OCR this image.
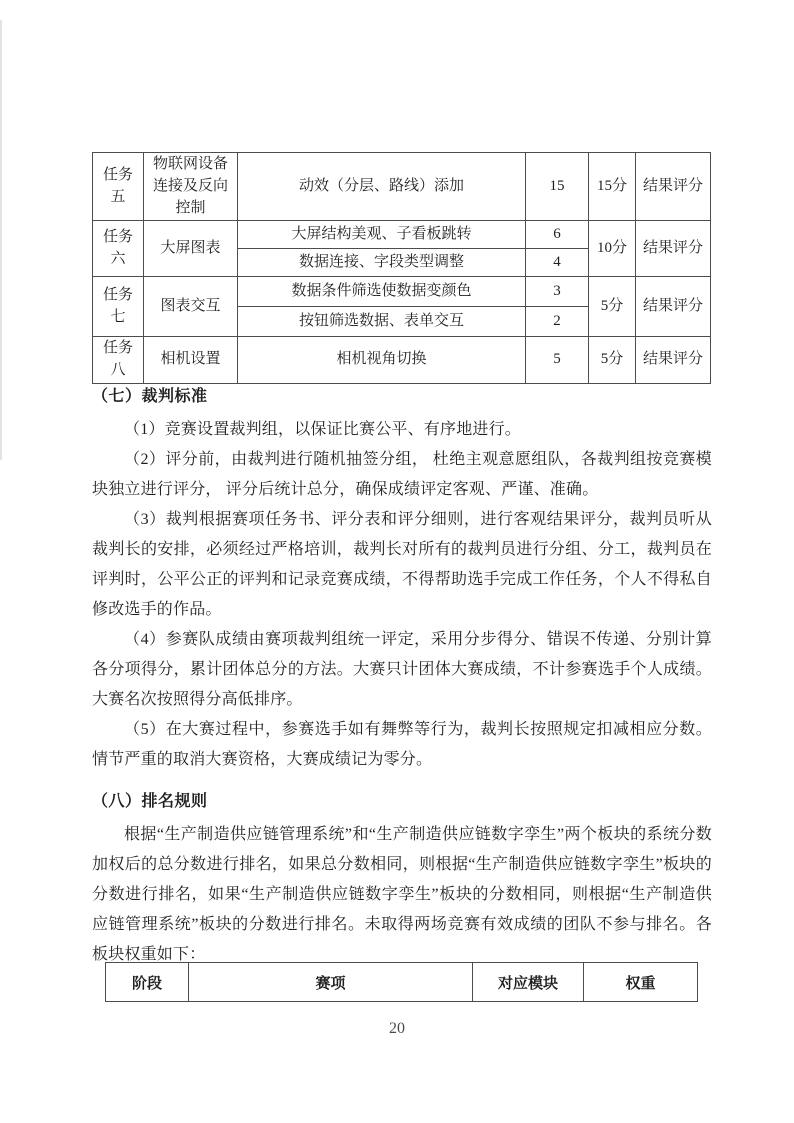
任务五	物联网设备连接及反向控制	动效（分层、路线）添加	15	15分	结果评分
任务六	大屏图表	大屏结构美观、子看板跳转	6	10分	结果评分
		数据连接、字段类型调整	4		
任务七	图表交互	数据条件筛选使数据变颜色	3	5分	结果评分
		按钮筛选数据、表单交互	2		
任务八	相机设置	相机视角切换	5	5分	结果评分

（七）裁判标准

（1）竞赛设置裁判组，以保证比赛公平、有序地进行。

（2）评分前，由裁判进行随机抽签分组， 杜绝主观意愿组队，各裁判组按竞赛模块独立进行评分， 评分后统计总分，确保成绩评定客观、严谨、准确。

（3）裁判根据赛项任务书、评分表和评分细则，进行客观结果评分，裁判员听从裁判长的安排，必须经过严格培训，裁判长对所有的裁判员进行分组、分工，裁判员在评判时，公平公正的评判和记录竞赛成绩，不得帮助选手完成工作任务，个人不得私自修改选手的作品。

（4）参赛队成绩由赛项裁判组统一评定，采用分步得分、错误不传递、分别计算各分项得分，累计团体总分的方法。大赛只计团体大赛成绩，不计参赛选手个人成绩。大赛名次按照得分高低排序。

（5）在大赛过程中，参赛选手如有舞弊等行为，裁判长按照规定扣减相应分数。情节严重的取消大赛资格，大赛成绩记为零分。

（八）排名规则

根据“生产制造供应链管理系统”和“生产制造供应链数字孪生”两个板块的系统分数加权后的总分数进行排名，如果总分数相同，则根据“生产制造供应链数字孪生”板块的分数进行排名，如果“生产制造供应链数字孪生”板块的分数相同，则根据“生产制造供应链管理系统”板块的分数进行排名。未取得两场竞赛有效成绩的团队不参与排名。各板块权重如下：

阶段	赛项	对应模块	权重
20
